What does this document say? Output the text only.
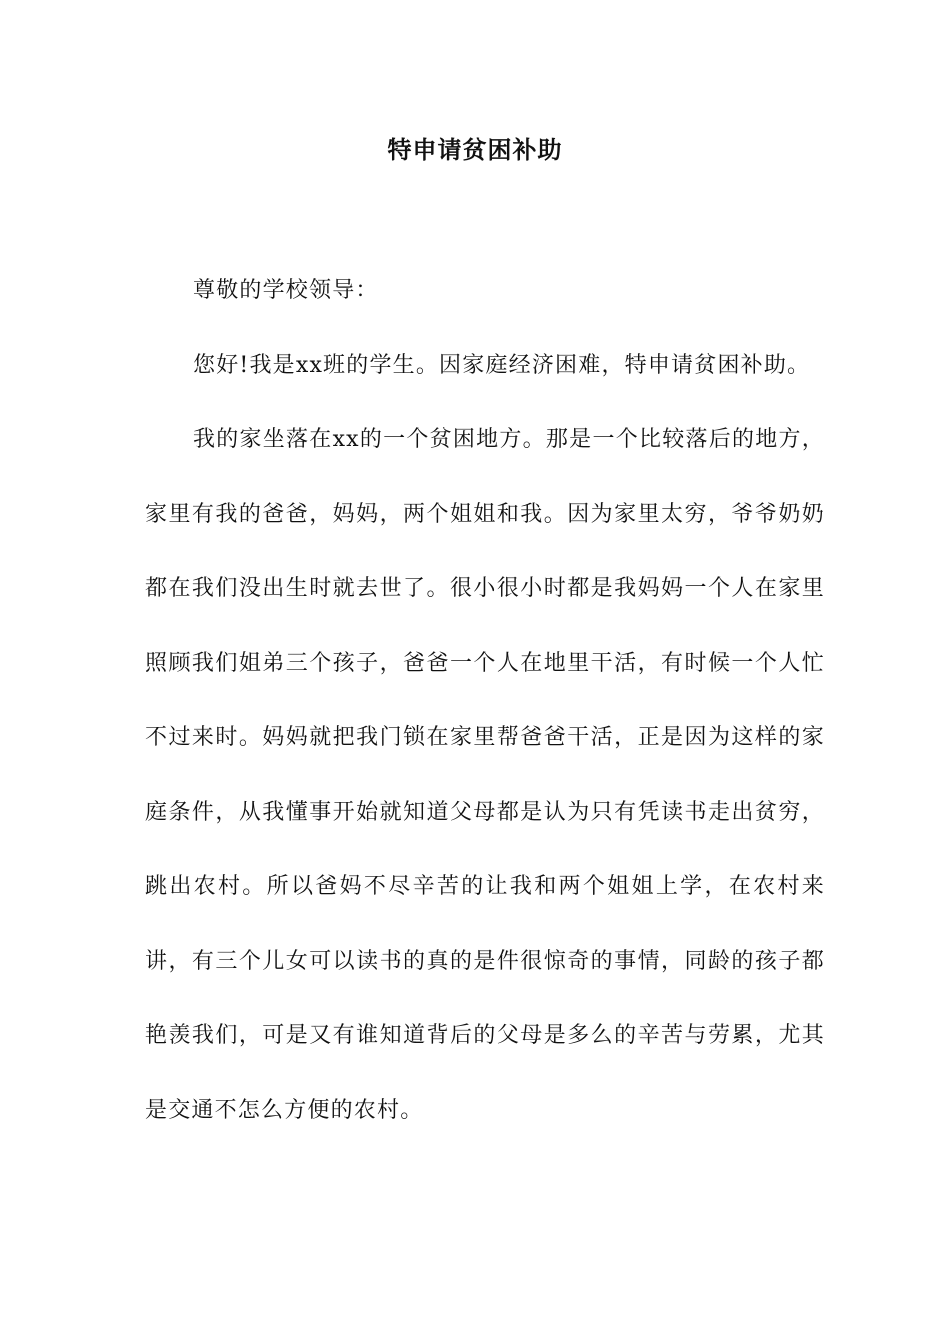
特申请贫困补助

尊敬的学校领导：

您好!我是xx班的学生。因家庭经济困难，特申请贫困补助。

我的家坐落在xx的一个贫困地方。那是一个比较落后的地方，家里有我的爸爸，妈妈，两个姐姐和我。因为家里太穷，爷爷奶奶都在我们没出生时就去世了。很小很小时都是我妈妈一个人在家里照顾我们姐弟三个孩子，爸爸一个人在地里干活，有时候一个人忙不过来时。妈妈就把我门锁在家里帮爸爸干活，正是因为这样的家庭条件，从我懂事开始就知道父母都是认为只有凭读书走出贫穷，跳出农村。所以爸妈不尽辛苦的让我和两个姐姐上学，在农村来讲，有三个儿女可以读书的真的是件很惊奇的事情，同龄的孩子都艳羡我们，可是又有谁知道背后的父母是多么的辛苦与劳累，尤其是交通不怎么方便的农村。
